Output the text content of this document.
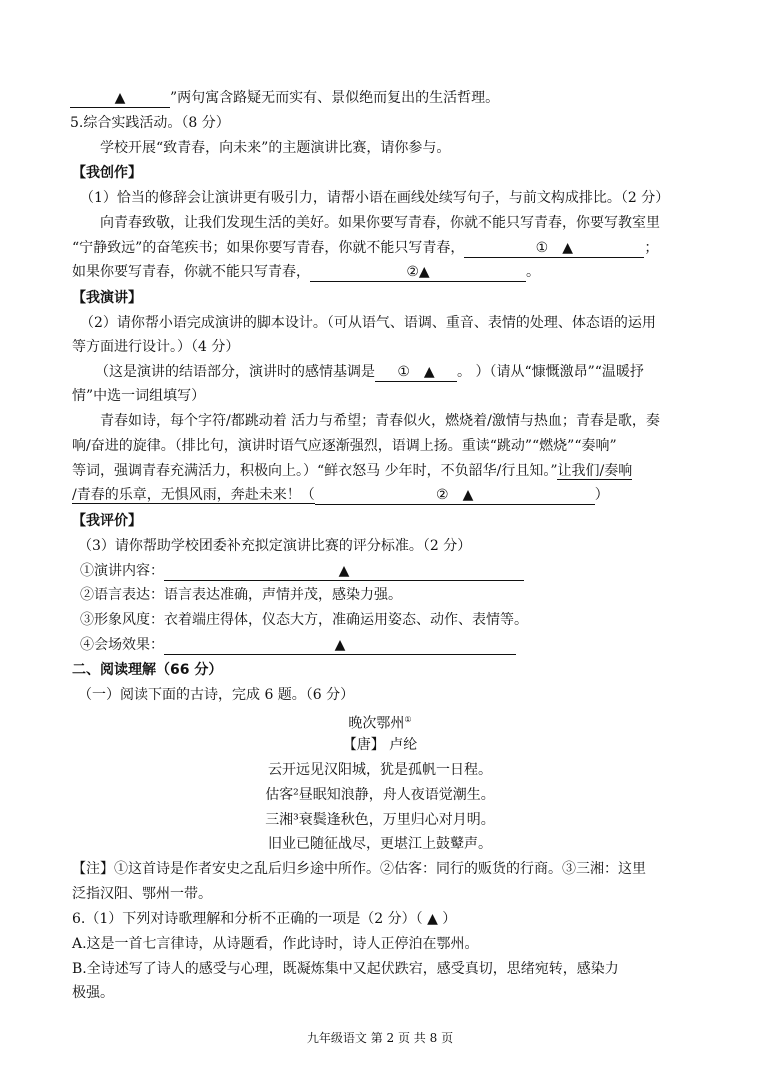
▲	”两句寓含路疑无而实有、景似绝而复出的生活哲理。
5.综合实践活动。（8 分）
学校开展“致青春，向未来”的主题演讲比赛，请你参与。
【我创作】
（1）恰当的修辞会让演讲更有吸引力，请帮小语在画线处续写句子，与前文构成排比。（2 分）
向青春致敬，让我们发现生活的美好。如果你要写青春，你就不能只写青春，你要写教室里
“宁静致远”的奋笔疾书；如果你要写青春，你就不能只写青春，	①　▲	；
如果你要写青春，你就不能只写青春，	②▲	。
【我演讲】
（2）请你帮小语完成演讲的脚本设计。（可从语气、语调、重音、表情的处理、体态语的运用
等方面进行设计。）（4 分）
（这是演讲的结语部分，演讲时的感情基调是 ①　▲ 。 ）（请从“慷慨激昂”“温暖抒
情”中选一词组填写）
青春如诗，每个字符/都跳动着 活力与希望；青春似火，燃烧着/激情与热血；青春是歌，奏
响/奋进的旋律。（排比句，演讲时语气应逐渐强烈，语调上扬。重读“跳动”“燃烧”“奏响”
等词，强调青春充满活力，积极向上。）“鲜衣怒马 少年时，不负韶华/行且知。”让我们/奏响
/青春的乐章，无惧风雨，奔赴未来！（	②　▲	）
【我评价】
（3）请你帮助学校团委补充拟定演讲比赛的评分标准。（2 分）
①演讲内容：	▲
②语言表达：语言表达准确，声情并茂，感染力强。
③形象风度：衣着端庄得体，仪态大方，准确运用姿态、动作、表情等。
④会场效果：	▲
二、阅读理解（66 分）
（一）阅读下面的古诗，完成 6 题。（6 分）
晚次鄂州①
【唐】 卢纶
云开远见汉阳城，犹是孤帆一日程。
估客²昼眠知浪静，舟人夜语觉潮生。
三湘³衰鬓逢秋色，万里归心对月明。
旧业已随征战尽，更堪江上鼓鼙声。
【注】①这首诗是作者安史之乱后归乡途中所作。②估客：同行的贩货的行商。③三湘：这里
泛指汉阳、鄂州一带。
6.（1）下列对诗歌理解和分析不正确的一项是（2 分）（ ▲ ）
A.这是一首七言律诗，从诗题看，作此诗时，诗人正停泊在鄂州。
B.全诗述写了诗人的感受与心理，既凝炼集中又起伏跌宕，感受真切，思绪宛转，感染力
极强。
九年级语文 第 2 页 共 8 页
